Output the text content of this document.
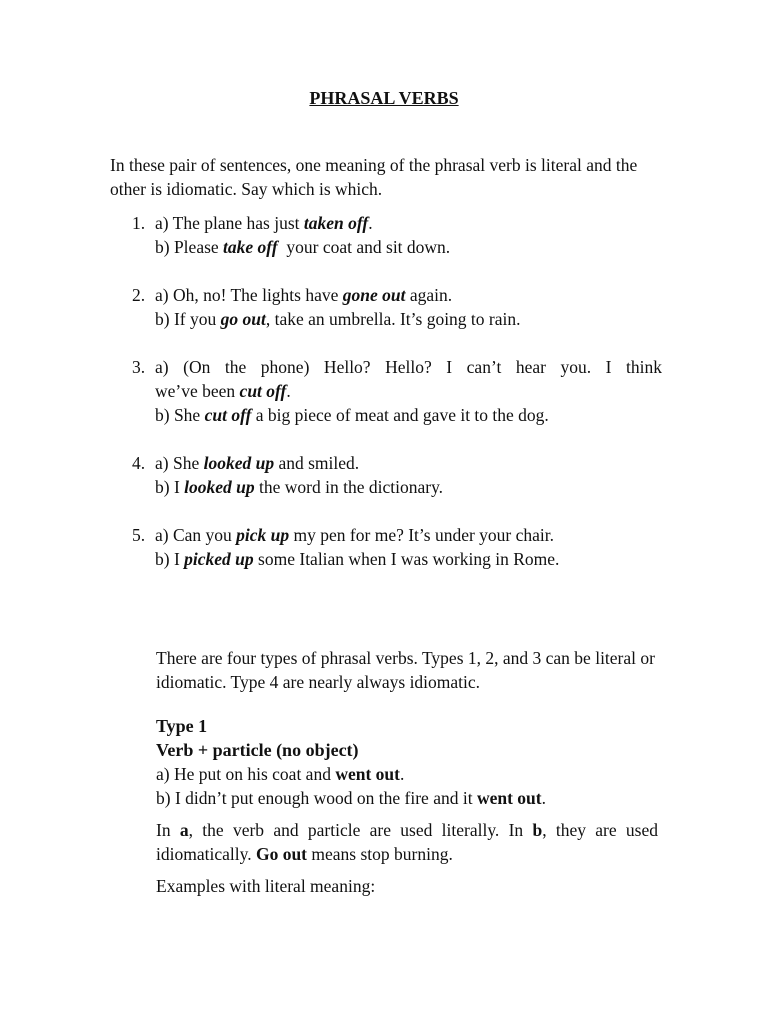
PHRASAL VERBS

In these pair of sentences, one meaning of the phrasal verb is literal and the other is idiomatic. Say which is which.

1. a) The plane has just taken off.
b) Please take off  your coat and sit down.
2. a) Oh, no! The lights have gone out again.
b) If you go out, take an umbrella. It’s going to rain.
3. a) (On the phone) Hello? Hello? I can’t hear you. I think
we’ve been cut off.
b) She cut off a big piece of meat and gave it to the dog.
4. a) She looked up and smiled.
b) I looked up the word in the dictionary.
5. a) Can you pick up my pen for me? It’s under your chair.
b) I picked up some Italian when I was working in Rome.

There are four types of phrasal verbs. Types 1, 2, and 3 can be literal or idiomatic. Type 4 are nearly always idiomatic.

Type 1
Verb + particle (no object)
a) He put on his coat and went out.
b) I didn’t put enough wood on the fire and it went out.

In a, the verb and particle are used literally. In b, they are used idiomatically. Go out means stop burning.

Examples with literal meaning:
